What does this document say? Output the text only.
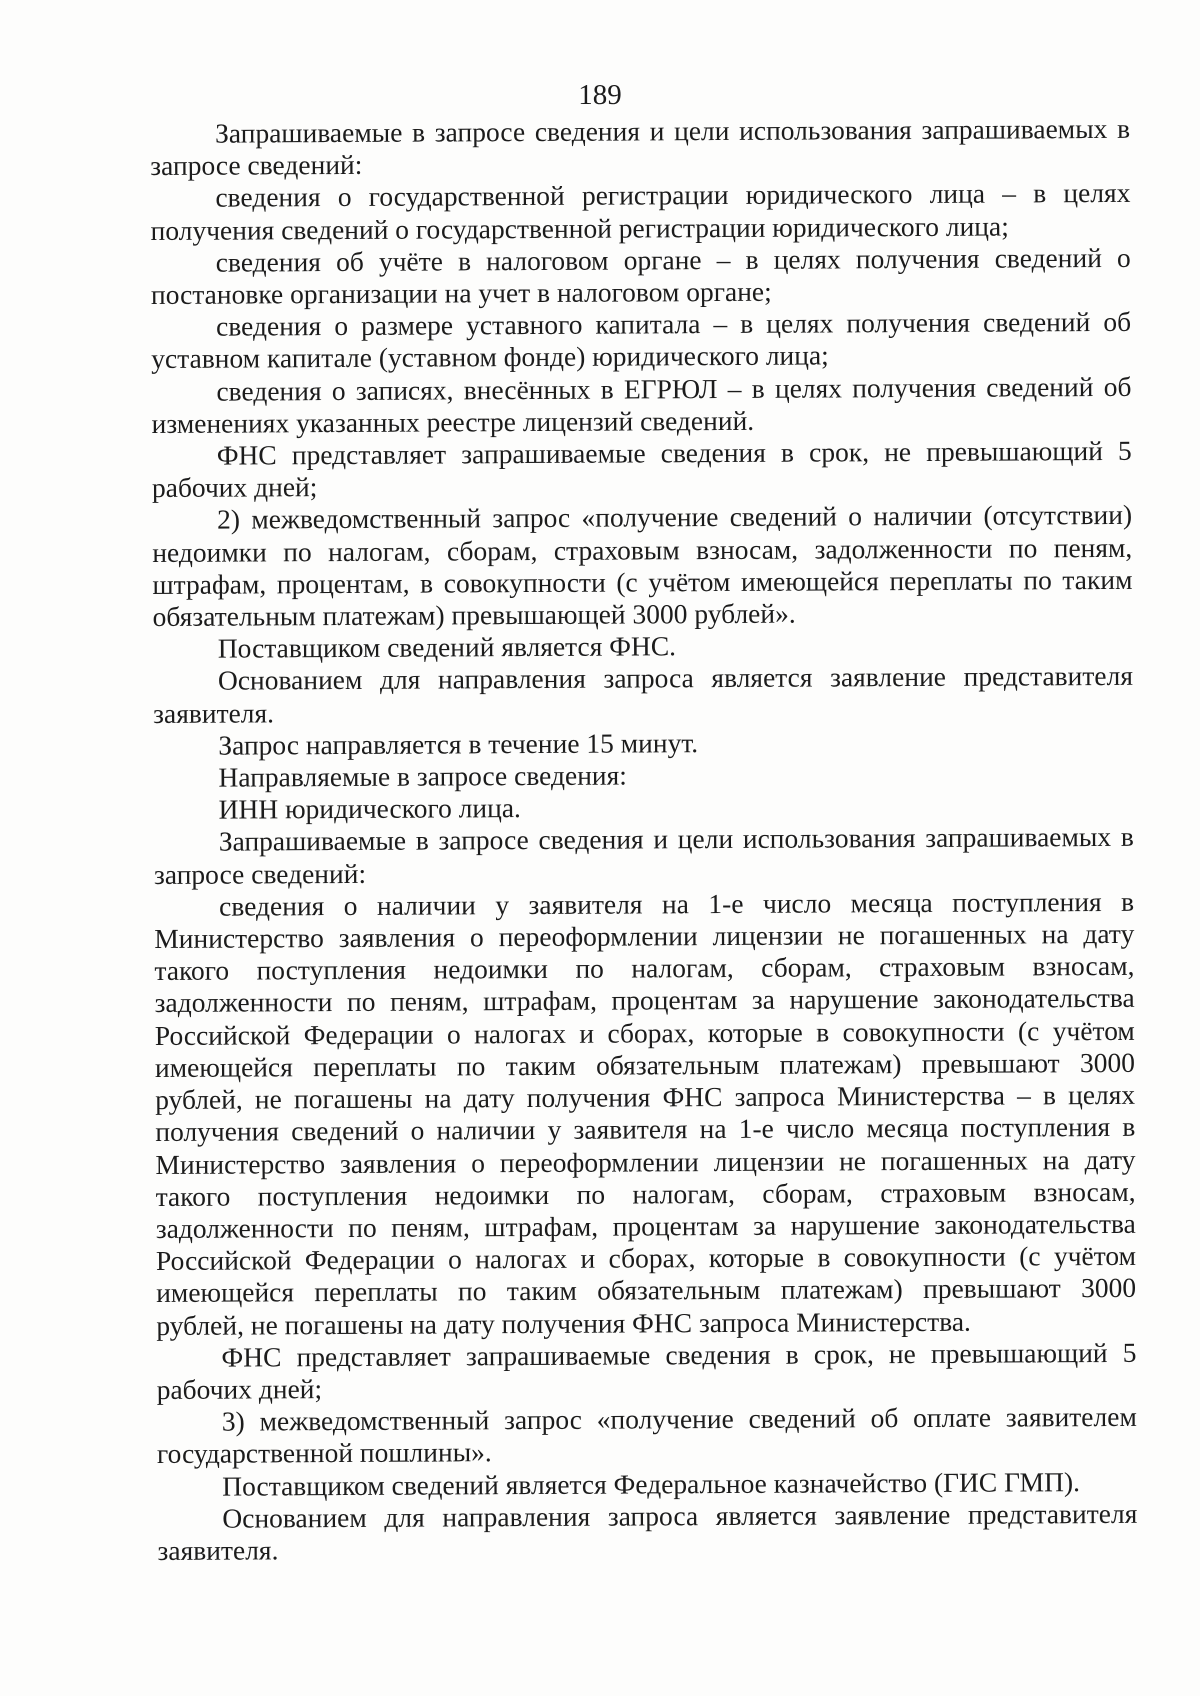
189

Запрашиваемые в запросе сведения и цели использования запрашиваемых в запросе сведений:

сведения о государственной регистрации юридического лица – в целях получения сведений о государственной регистрации юридического лица;

сведения об учёте в налоговом органе – в целях получения сведений о постановке организации на учет в налоговом органе;

сведения о размере уставного капитала – в целях получения сведений об уставном капитале (уставном фонде) юридического лица;

сведения о записях, внесённых в ЕГРЮЛ – в целях получения сведений об изменениях указанных реестре лицензий сведений.

ФНС представляет запрашиваемые сведения в срок, не превышающий 5 рабочих дней;

2) межведомственный запрос «получение сведений о наличии (отсутствии) недоимки по налогам, сборам, страховым взносам, задолженности по пеням, штрафам, процентам, в совокупности (с учётом имеющейся переплаты по таким обязательным платежам) превышающей 3000 рублей».

Поставщиком сведений является ФНС.

Основанием для направления запроса является заявление представителя заявителя.

Запрос направляется в течение 15 минут.

Направляемые в запросе сведения:

ИНН юридического лица.

Запрашиваемые в запросе сведения и цели использования запрашиваемых в запросе сведений:

сведения о наличии у заявителя на 1-е число месяца поступления в Министерство заявления о переоформлении лицензии не погашенных на дату такого поступления недоимки по налогам, сборам, страховым взносам, задолженности по пеням, штрафам, процентам за нарушение законодательства Российской Федерации о налогах и сборах, которые в совокупности (с учётом имеющейся переплаты по таким обязательным платежам) превышают 3000 рублей, не погашены на дату получения ФНС запроса Министерства – в целях получения сведений о наличии у заявителя на 1-е число месяца поступления в Министерство заявления о переоформлении лицензии не погашенных на дату такого поступления недоимки по налогам, сборам, страховым взносам, задолженности по пеням, штрафам, процентам за нарушение законодательства Российской Федерации о налогах и сборах, которые в совокупности (с учётом имеющейся переплаты по таким обязательным платежам) превышают 3000 рублей, не погашены на дату получения ФНС запроса Министерства.

ФНС представляет запрашиваемые сведения в срок, не превышающий 5 рабочих дней;

3) межведомственный запрос «получение сведений об оплате заявителем государственной пошлины».

Поставщиком сведений является Федеральное казначейство (ГИС ГМП).

Основанием для направления запроса является заявление представителя заявителя.
